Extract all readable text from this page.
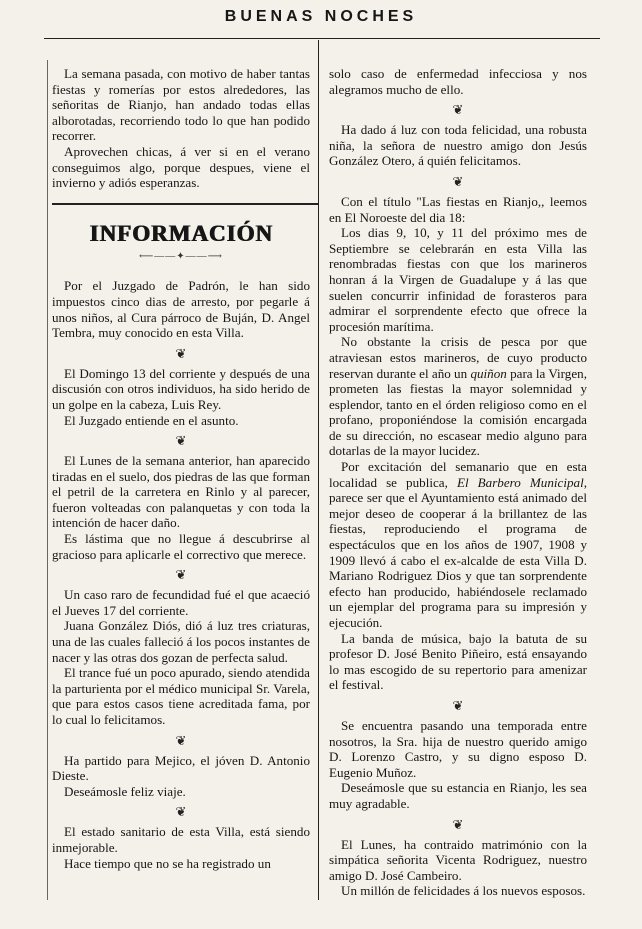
BUENAS NOCHES

La semana pasada, con motivo de haber tantas fiestas y romerías por estos alrededores, las señoritas de Rianjo, han andado todas ellas alborotadas, recorriendo todo lo que han podido recorrer.

Aprovechen chicas, á ver si en el verano conseguimos algo, porque despues, viene el invierno y adiós esperanzas.

INFORMACIÓN
⟵——✦——⟶

Por el Juzgado de Padrón, le han sido impuestos cinco dias de arresto, por pegarle á unos niños, al Cura párroco de Buján, D. Angel Tembra, muy conocido en esta Villa.

❦

El Domingo 13 del corriente y después de una discusión con otros individuos, ha sido herido de un golpe en la cabeza, Luis Rey.

El Juzgado entiende en el asunto.

❦

El Lunes de la semana anterior, han aparecido tiradas en el suelo, dos piedras de las que forman el petril de la carretera en Rinlo y al parecer, fueron volteadas con palanquetas y con toda la intención de hacer daño.

Es lástima que no llegue á descubrirse al gracioso para aplicarle el correctivo que merece.

❦

Un caso raro de fecundidad fué el que acaeció el Jueves 17 del corriente.

Juana González Diós, dió á luz tres criaturas, una de las cuales falleció á los pocos instantes de nacer y las otras dos gozan de perfecta salud.

El trance fué un poco apurado, siendo atendida la parturienta por el médico municipal Sr. Varela, que para estos casos tiene acreditada fama, por lo cual lo felicitamos.

❦

Ha partido para Mejico, el jóven D. Antonio Dieste.

Deseámosle feliz viaje.

❦

El estado sanitario de esta Villa, está siendo inmejorable.

Hace tiempo que no se ha registrado un

solo caso de enfermedad infecciosa y nos alegramos mucho de ello.

❦

Ha dado á luz con toda felicidad, una robusta niña, la señora de nuestro amigo don Jesús González Otero, á quién felicitamos.

❦

Con el título "Las fiestas en Rianjo,, leemos en El Noroeste del dia 18:

Los dias 9, 10, y 11 del próximo mes de Septiembre se celebrarán en esta Villa las renombradas fiestas con que los marineros honran á la Virgen de Guadalupe y á las que suelen concurrir infinidad de forasteros para admirar el sorprendente efecto que ofrece la procesión marítima.

No obstante la crisis de pesca por que atraviesan estos marineros, de cuyo producto reservan durante el año un quiñon para la Virgen, prometen las fiestas la mayor solemnidad y esplendor, tanto en el órden religioso como en el profano, proponiéndose la comisión encargada de su dirección, no escasear medio alguno para dotarlas de la mayor lucidez.

Por excitación del semanario que en esta localidad se publica, El Barbero Municipal, parece ser que el Ayuntamiento está animado del mejor deseo de cooperar á la brillantez de las fiestas, reproduciendo el programa de espectáculos que en los años de 1907, 1908 y 1909 llevó á cabo el ex-alcalde de esta Villa D. Mariano Rodriguez Dios y que tan sorprendente efecto han producido, habiéndosele reclamado un ejemplar del programa para su impresión y ejecución.

La banda de música, bajo la batuta de su profesor D. José Benito Piñeiro, está ensayando lo mas escogido de su repertorio para amenizar el festival.

❦

Se encuentra pasando una temporada entre nosotros, la Sra. hija de nuestro querido amigo D. Lorenzo Castro, y su digno esposo D. Eugenio Muñoz.

Deseámosle que su estancia en Rianjo, les sea muy agradable.

❦

El Lunes, ha contraido matrimónio con la simpática señorita Vicenta Rodriguez, nuestro amigo D. José Cambeiro.

Un millón de felicidades á los nuevos esposos.
